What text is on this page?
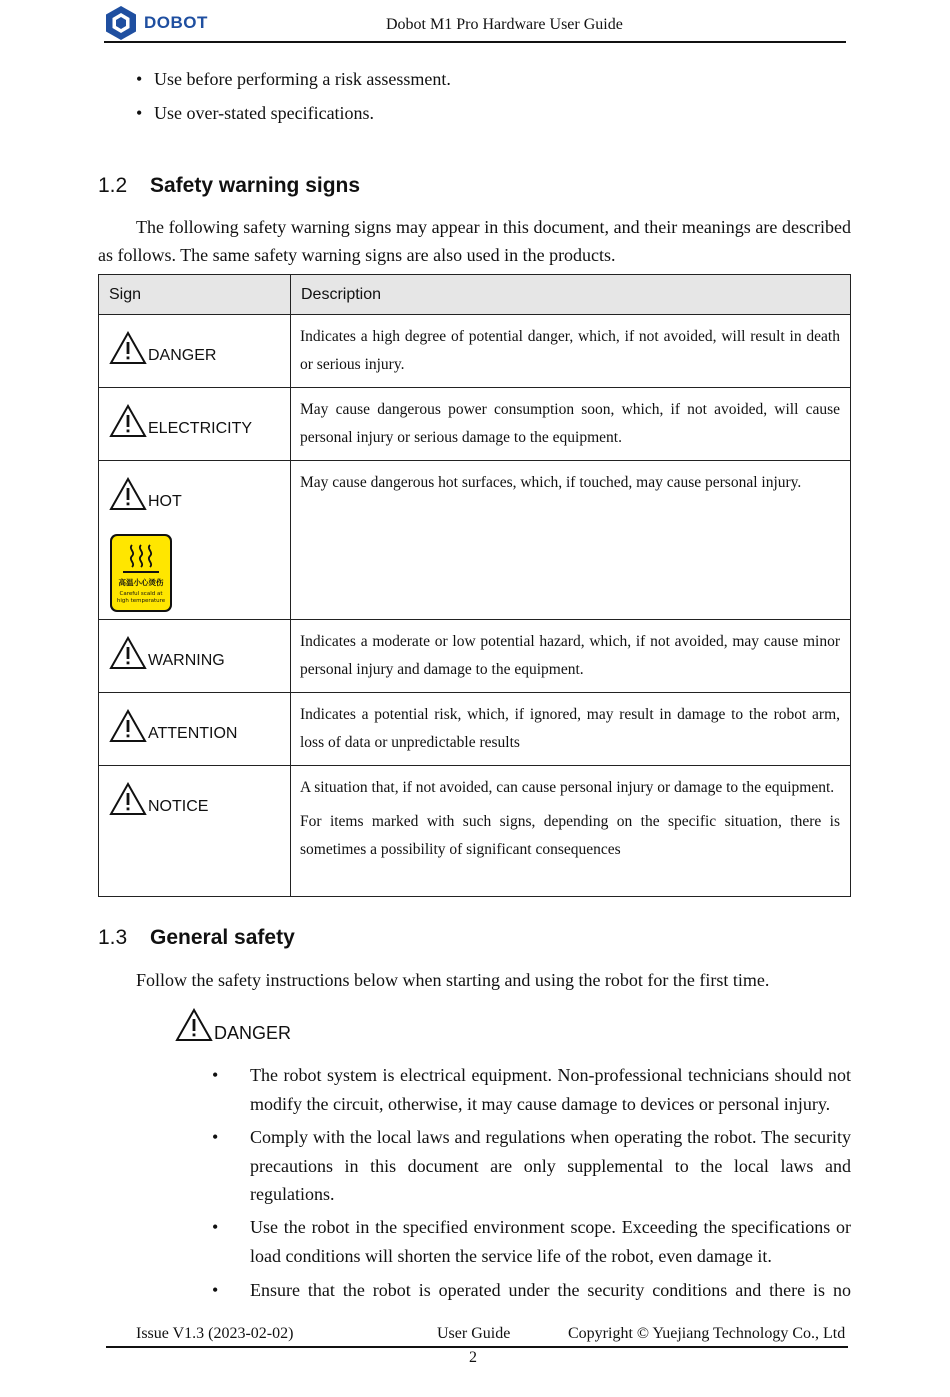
DOBOT	Dobot M1 Pro Hardware User Guide
• Use before performing a risk assessment.
• Use over-stated specifications.
1.2 Safety warning signs
The following safety warning signs may appear in this document, and their meanings are described as follows. The same safety warning signs are also used in the products.
Sign	Description

DANGER	Indicates a high degree of potential danger, which, if not avoided, will result in death or serious injury.

ELECTRICITY	May cause dangerous power consumption soon, which, if not avoided, will cause personal injury or serious damage to the equipment.

HOT
高温小心烫伤
Careful scald at
high temperature	May cause dangerous hot surfaces, which, if touched, may cause personal injury.

WARNING	Indicates a moderate or low potential hazard, which, if not avoided, may cause minor personal injury and damage to the equipment.

ATTENTION	Indicates a potential risk, which, if ignored, may result in damage to the robot arm, loss of data or unpredictable results

NOTICE	A situation that, if not avoided, can cause personal injury or damage to the equipment.

For items marked with such signs, depending on the specific situation, there is sometimes a possibility of significant consequences

1.3 General safety
Follow the safety instructions below when starting and using the robot for the first time.
DANGER
• The robot system is electrical equipment. Non-professional technicians should not modify the circuit, otherwise, it may cause damage to devices or personal injury.
• Comply with the local laws and regulations when operating the robot. The security precautions in this document are only supplemental to the local laws and regulations.
• Use the robot in the specified environment scope. Exceeding the specifications or load conditions will shorten the service life of the robot, even damage it.
• Ensure that the robot is operated under the security conditions and there is no
Issue V1.3 (2023-02-02)	User Guide	Copyright © Yuejiang Technology Co., Ltd
2
